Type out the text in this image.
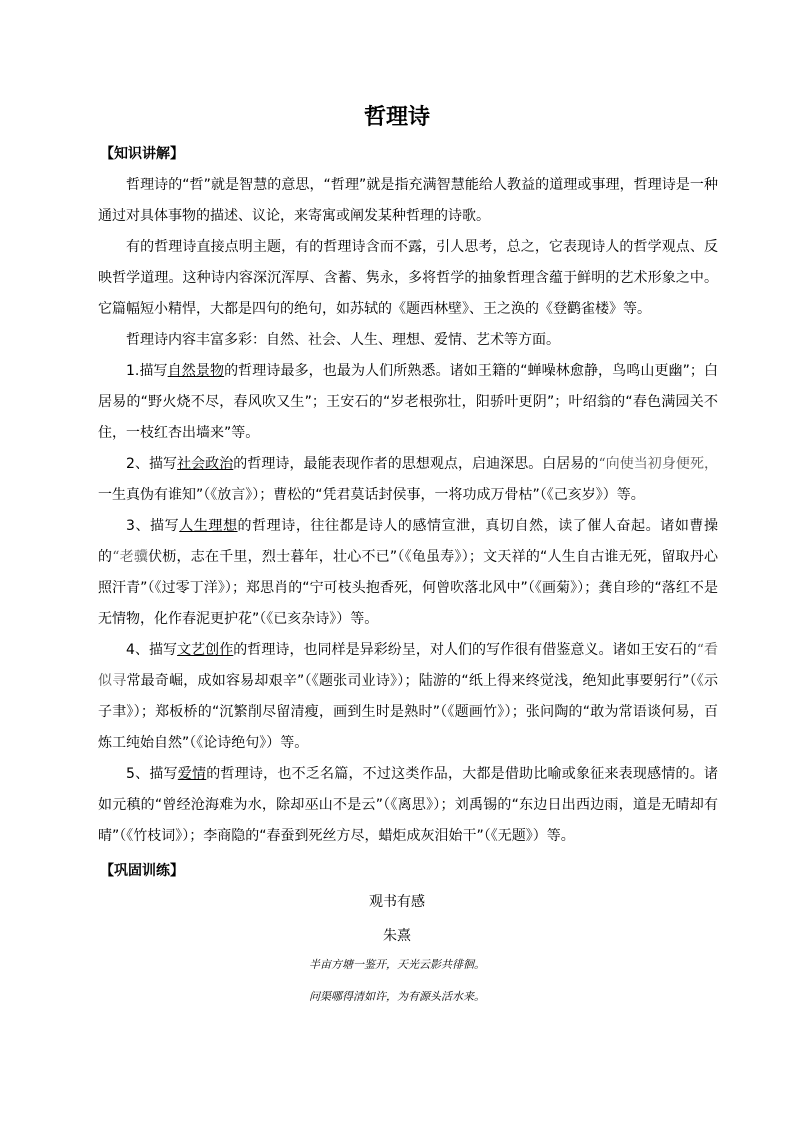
哲理诗
【知识讲解】

哲理诗的“哲”就是智慧的意思，“哲理”就是指充满智慧能给人教益的道理或事理，哲理诗是一种通过对具体事物的描述、议论，来寄寓或阐发某种哲理的诗歌。

有的哲理诗直接点明主题，有的哲理诗含而不露，引人思考，总之，它表现诗人的哲学观点、反映哲学道理。这种诗内容深沉浑厚、含蓄、隽永，多将哲学的抽象哲理含蕴于鲜明的艺术形象之中。它篇幅短小精悍，大都是四句的绝句，如苏轼的《题西林壁》、王之涣的《登鹳雀楼》等。

哲理诗内容丰富多彩：自然、社会、人生、理想、爱情、艺术等方面。

1.描写自然景物的哲理诗最多，也最为人们所熟悉。诸如王籍的“蝉噪林愈静，鸟鸣山更幽”；白居易的“野火烧不尽，春风吹又生”；王安石的“岁老根弥壮，阳骄叶更阴”；叶绍翁的“春色满园关不住，一枝红杏出墙来”等。

2、描写社会政治的哲理诗，最能表现作者的思想观点，启迪深思。白居易的“向使当初身便死，一生真伪有谁知”（《放言》）；曹松的“凭君莫话封侯事，一将功成万骨枯”（《己亥岁》）等。

3、描写人生理想的哲理诗，往往都是诗人的感情宣泄，真切自然，读了催人奋起。诸如曹操的“老骥伏枥，志在千里，烈士暮年，壮心不已”（《龟虽寿》）；文天祥的“人生自古谁无死，留取丹心照汗青”（《过零丁洋》）；郑思肖的“宁可枝头抱香死，何曾吹落北风中”（《画菊》）；龚自珍的“落红不是无情物，化作春泥更护花”（《已亥杂诗》）等。

4、描写文艺创作的哲理诗，也同样是异彩纷呈，对人们的写作很有借鉴意义。诸如王安石的“看似寻常最奇崛，成如容易却艰辛”（《题张司业诗》）；陆游的“纸上得来终觉浅，绝知此事要躬行”（《示子聿》）；郑板桥的“沉繁削尽留清瘦，画到生时是熟时”（《题画竹》）；张问陶的“敢为常语谈何易，百炼工纯始自然”（《论诗绝句》）等。

5、描写爱情的哲理诗，也不乏名篇，不过这类作品，大都是借助比喻或象征来表现感情的。诸如元稹的“曾经沧海难为水，除却巫山不是云”（《离思》）；刘禹锡的“东边日出西边雨，道是无晴却有晴”（《竹枝词》）；李商隐的“春蚕到死丝方尽，蜡炬成灰泪始干”（《无题》）等。

【巩固训练】
观书有感
朱熹
半亩方塘一鉴开，天光云影共徘徊。
问渠哪得清如许，为有源头活水来。
